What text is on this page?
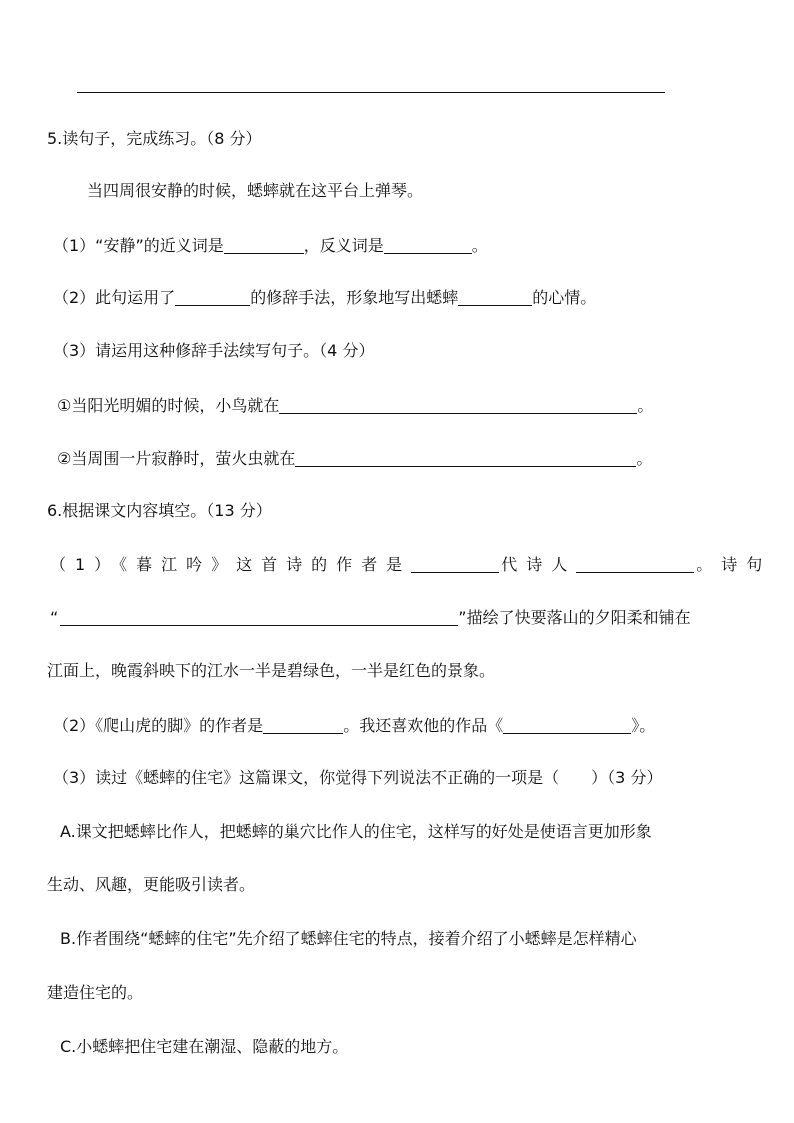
5.读句子，完成练习。（8 分）
当四周很安静的时候，蟋蟀就在这平台上弹琴。
（1）“安静”的近义词是	，反义词是	。
（2）此句运用了	的修辞手法，形象地写出蟋蟀	的心情。
（3）请运用这种修辞手法续写句子。（4 分）
①当阳光明媚的时候，小鸟就在	。
②当周围一片寂静时，萤火虫就在	。
6.根据课文内容填空。（13 分）
（1）《暮江吟》这首诗的作者是	代诗人	。诗句
“	”描绘了快要落山的夕阳柔和铺在
江面上，晚霞斜映下的江水一半是碧绿色，一半是红色的景象。
（2）《爬山虎的脚》的作者是	。我还喜欢他的作品《	》。
（3）读过《蟋蟀的住宅》这篇课文，你觉得下列说法不正确的一项是（　　）（3 分）
A.课文把蟋蟀比作人，把蟋蟀的巢穴比作人的住宅，这样写的好处是使语言更加形象
生动、风趣，更能吸引读者。
B.作者围绕“蟋蟀的住宅”先介绍了蟋蟀住宅的特点，接着介绍了小蟋蟀是怎样精心
建造住宅的。
C.小蟋蟀把住宅建在潮湿、隐蔽的地方。
